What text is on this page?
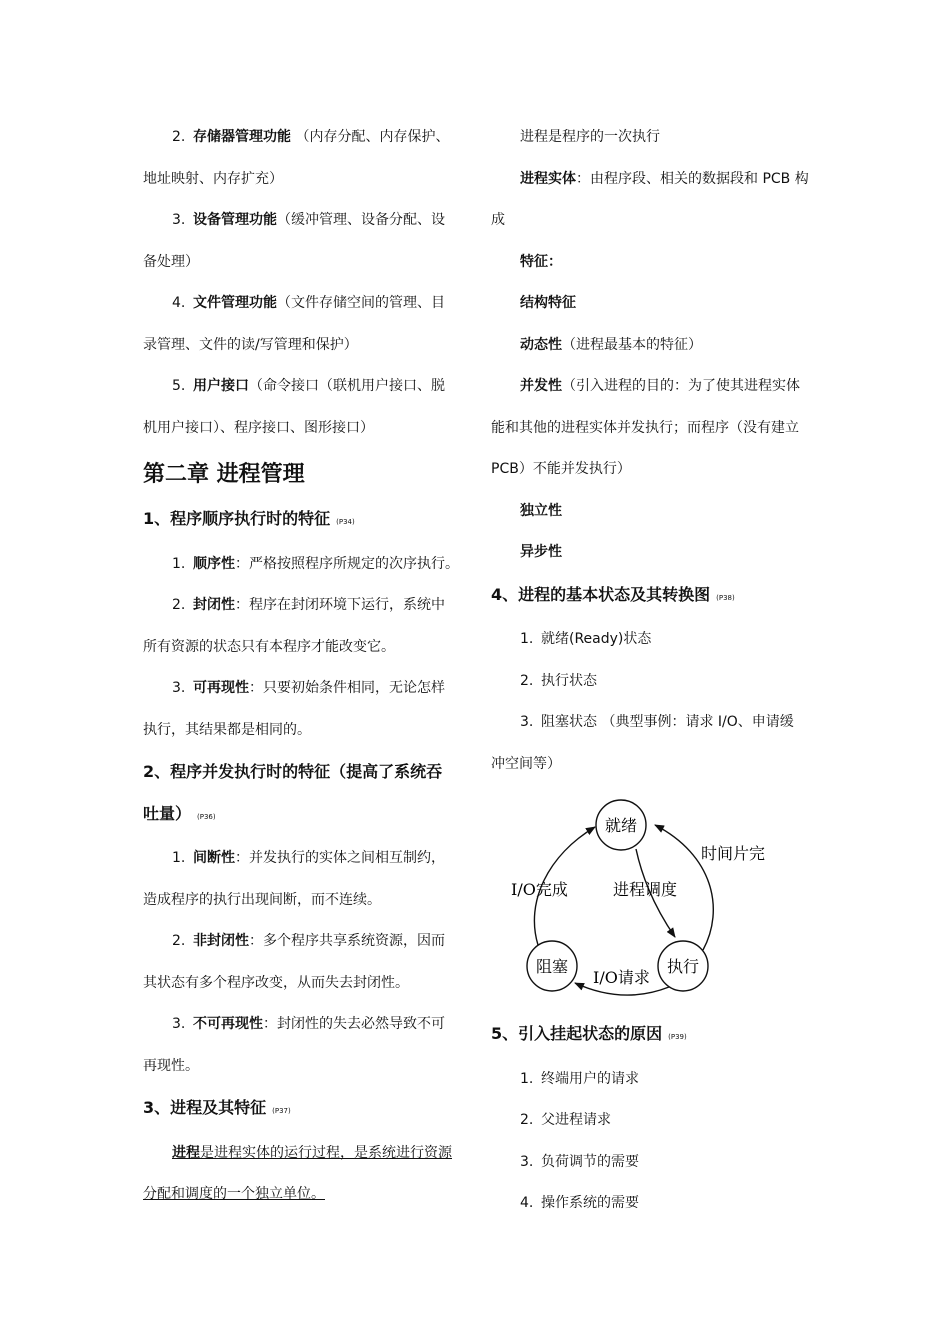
2. 存储器管理功能 （内存分配、内存保护、

地址映射、内存扩充）

3. 设备管理功能（缓冲管理、设备分配、设

备处理）

4. 文件管理功能（文件存储空间的管理、目

录管理、文件的读/写管理和保护）

5. 用户接口（命令接口（联机用户接口、脱

机用户接口）、程序接口、图形接口）

第二章 进程管理
1、程序顺序执行时的特征 (P34)

1. 顺序性：严格按照程序所规定的次序执行。

2. 封闭性：程序在封闭环境下运行，系统中

所有资源的状态只有本程序才能改变它。

3. 可再现性：只要初始条件相同，无论怎样

执行，其结果都是相同的。

2、程序并发执行时的特征（提高了系统吞
吐量） (P36)

1. 间断性：并发执行的实体之间相互制约，

造成程序的执行出现间断，而不连续。

2. 非封闭性：多个程序共享系统资源，因而

其状态有多个程序改变，从而失去封闭性。

3. 不可再现性：封闭性的失去必然导致不可

再现性。

3、进程及其特征 (P37)

进程是进程实体的运行过程，是系统进行资源

分配和调度的一个独立单位。

进程是程序的一次执行

进程实体：由程序段、相关的数据段和 PCB 构

成

特征：

结构特征

动态性（进程最基本的特征）

并发性（引入进程的目的：为了使其进程实体

能和其他的进程实体并发执行；而程序（没有建立

PCB）不能并发执行）

独立性

异步性

4、进程的基本状态及其转换图 (P38)

1. 就绪(Ready)状态

2. 执行状态

3. 阻塞状态 （典型事例：请求 I/O、申请缓

冲空间等）

就绪
执行
阻塞
时间片完
I/O完成	进程调度
I/O请求
5、引入挂起状态的原因 (P39)

1. 终端用户的请求

2. 父进程请求

3. 负荷调节的需要

4. 操作系统的需要
